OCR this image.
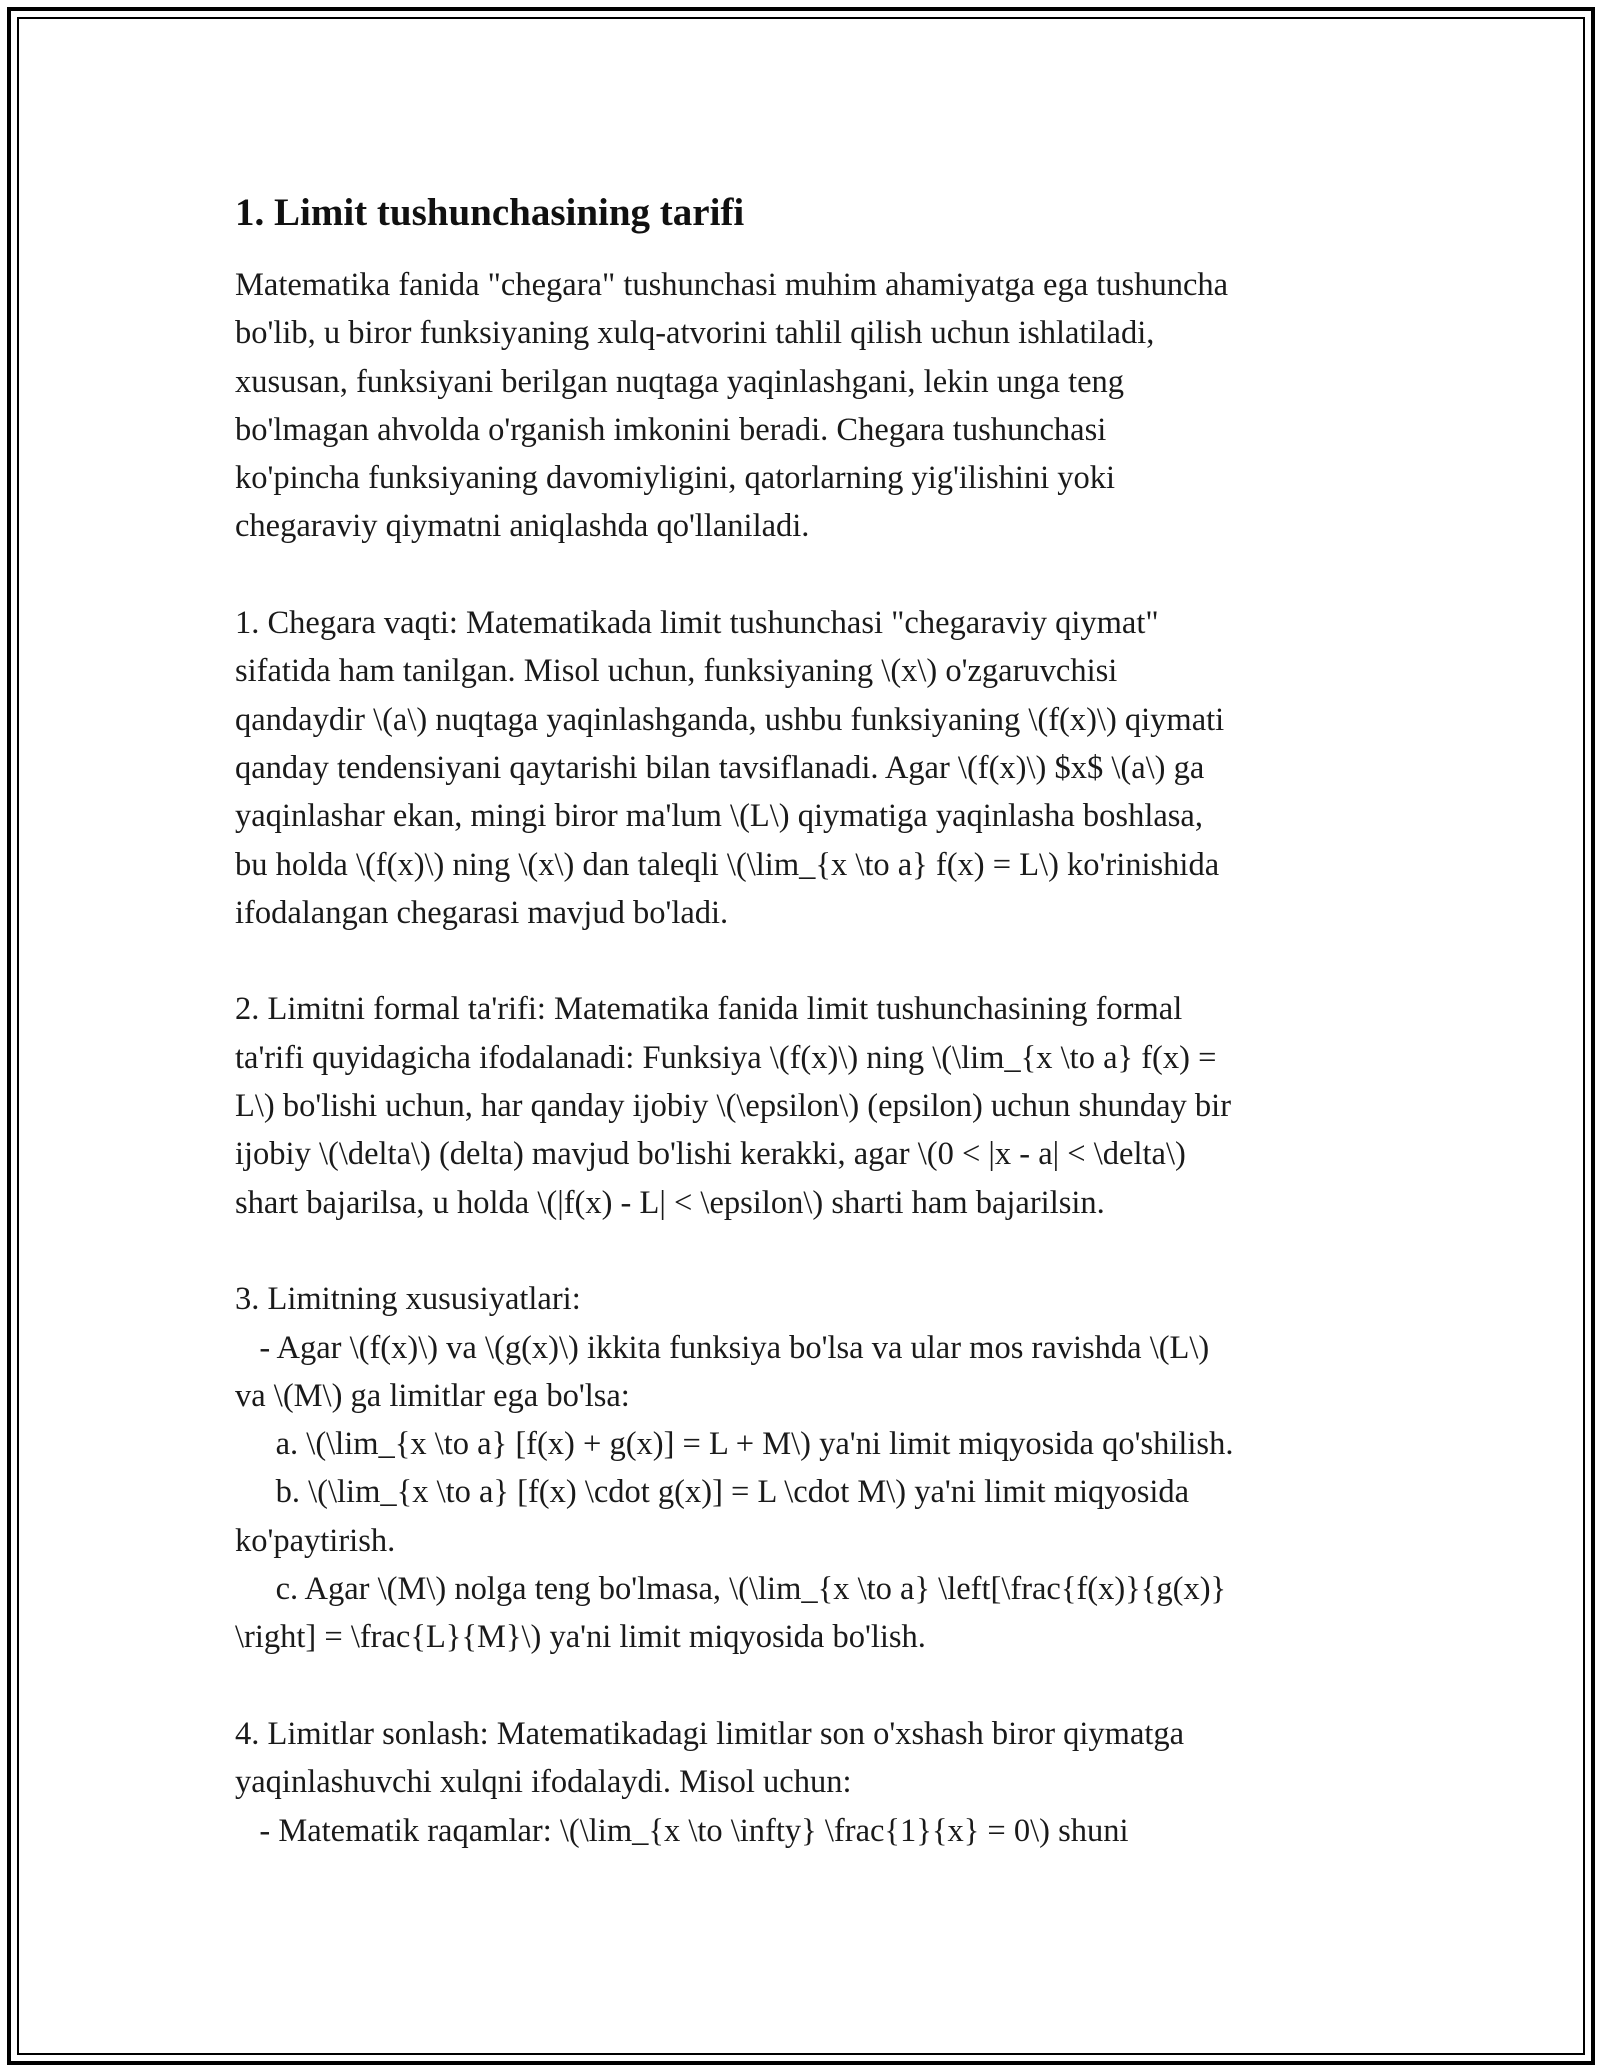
1. Limit tushunchasining tarifi

Matematika fanida "chegara" tushunchasi muhim ahamiyatga ega tushuncha
bo'lib, u biror funksiyaning xulq-atvorini tahlil qilish uchun ishlatiladi,
xususan, funksiyani berilgan nuqtaga yaqinlashgani, lekin unga teng
bo'lmagan ahvolda o'rganish imkonini beradi. Chegara tushunchasi
ko'pincha funksiyaning davomiyligini, qatorlarning yig'ilishini yoki
chegaraviy qiymatni aniqlashda qo'llaniladi.

1. Chegara vaqti: Matematikada limit tushunchasi "chegaraviy qiymat"
sifatida ham tanilgan. Misol uchun, funksiyaning \(x\) o'zgaruvchisi
qandaydir \(a\) nuqtaga yaqinlashganda, ushbu funksiyaning \(f(x)\) qiymati
qanday tendensiyani qaytarishi bilan tavsiflanadi. Agar \(f(x)\) $x$ \(a\) ga
yaqinlashar ekan, mingi biror ma'lum \(L\) qiymatiga yaqinlasha boshlasa,
bu holda \(f(x)\) ning \(x\) dan taleqli \(\lim_{x \to a} f(x) = L\) ko'rinishida
ifodalangan chegarasi mavjud bo'ladi.

2. Limitni formal ta'rifi: Matematika fanida limit tushunchasining formal
ta'rifi quyidagicha ifodalanadi: Funksiya \(f(x)\) ning \(\lim_{x \to a} f(x) =
L\) bo'lishi uchun, har qanday ijobiy \(\epsilon\) (epsilon) uchun shunday bir
ijobiy \(\delta\) (delta) mavjud bo'lishi kerakki, agar \(0 < |x - a| < \delta\)
shart bajarilsa, u holda \(|f(x) - L| < \epsilon\) sharti ham bajarilsin.

3. Limitning xususiyatlari:
- Agar \(f(x)\) va \(g(x)\) ikkita funksiya bo'lsa va ular mos ravishda \(L\)
va \(M\) ga limitlar ega bo'lsa:
a. \(\lim_{x \to a} [f(x) + g(x)] = L + M\) ya'ni limit miqyosida qo'shilish.
b. \(\lim_{x \to a} [f(x) \cdot g(x)] = L \cdot M\) ya'ni limit miqyosida
ko'paytirish.
c. Agar \(M\) nolga teng bo'lmasa, \(\lim_{x \to a} \left[\frac{f(x)}{g(x)}
\right] = \frac{L}{M}\) ya'ni limit miqyosida bo'lish.

4. Limitlar sonlash: Matematikadagi limitlar son o'xshash biror qiymatga
yaqinlashuvchi xulqni ifodalaydi. Misol uchun:
- Matematik raqamlar: \(\lim_{x \to \infty} \frac{1}{x} = 0\) shuni
